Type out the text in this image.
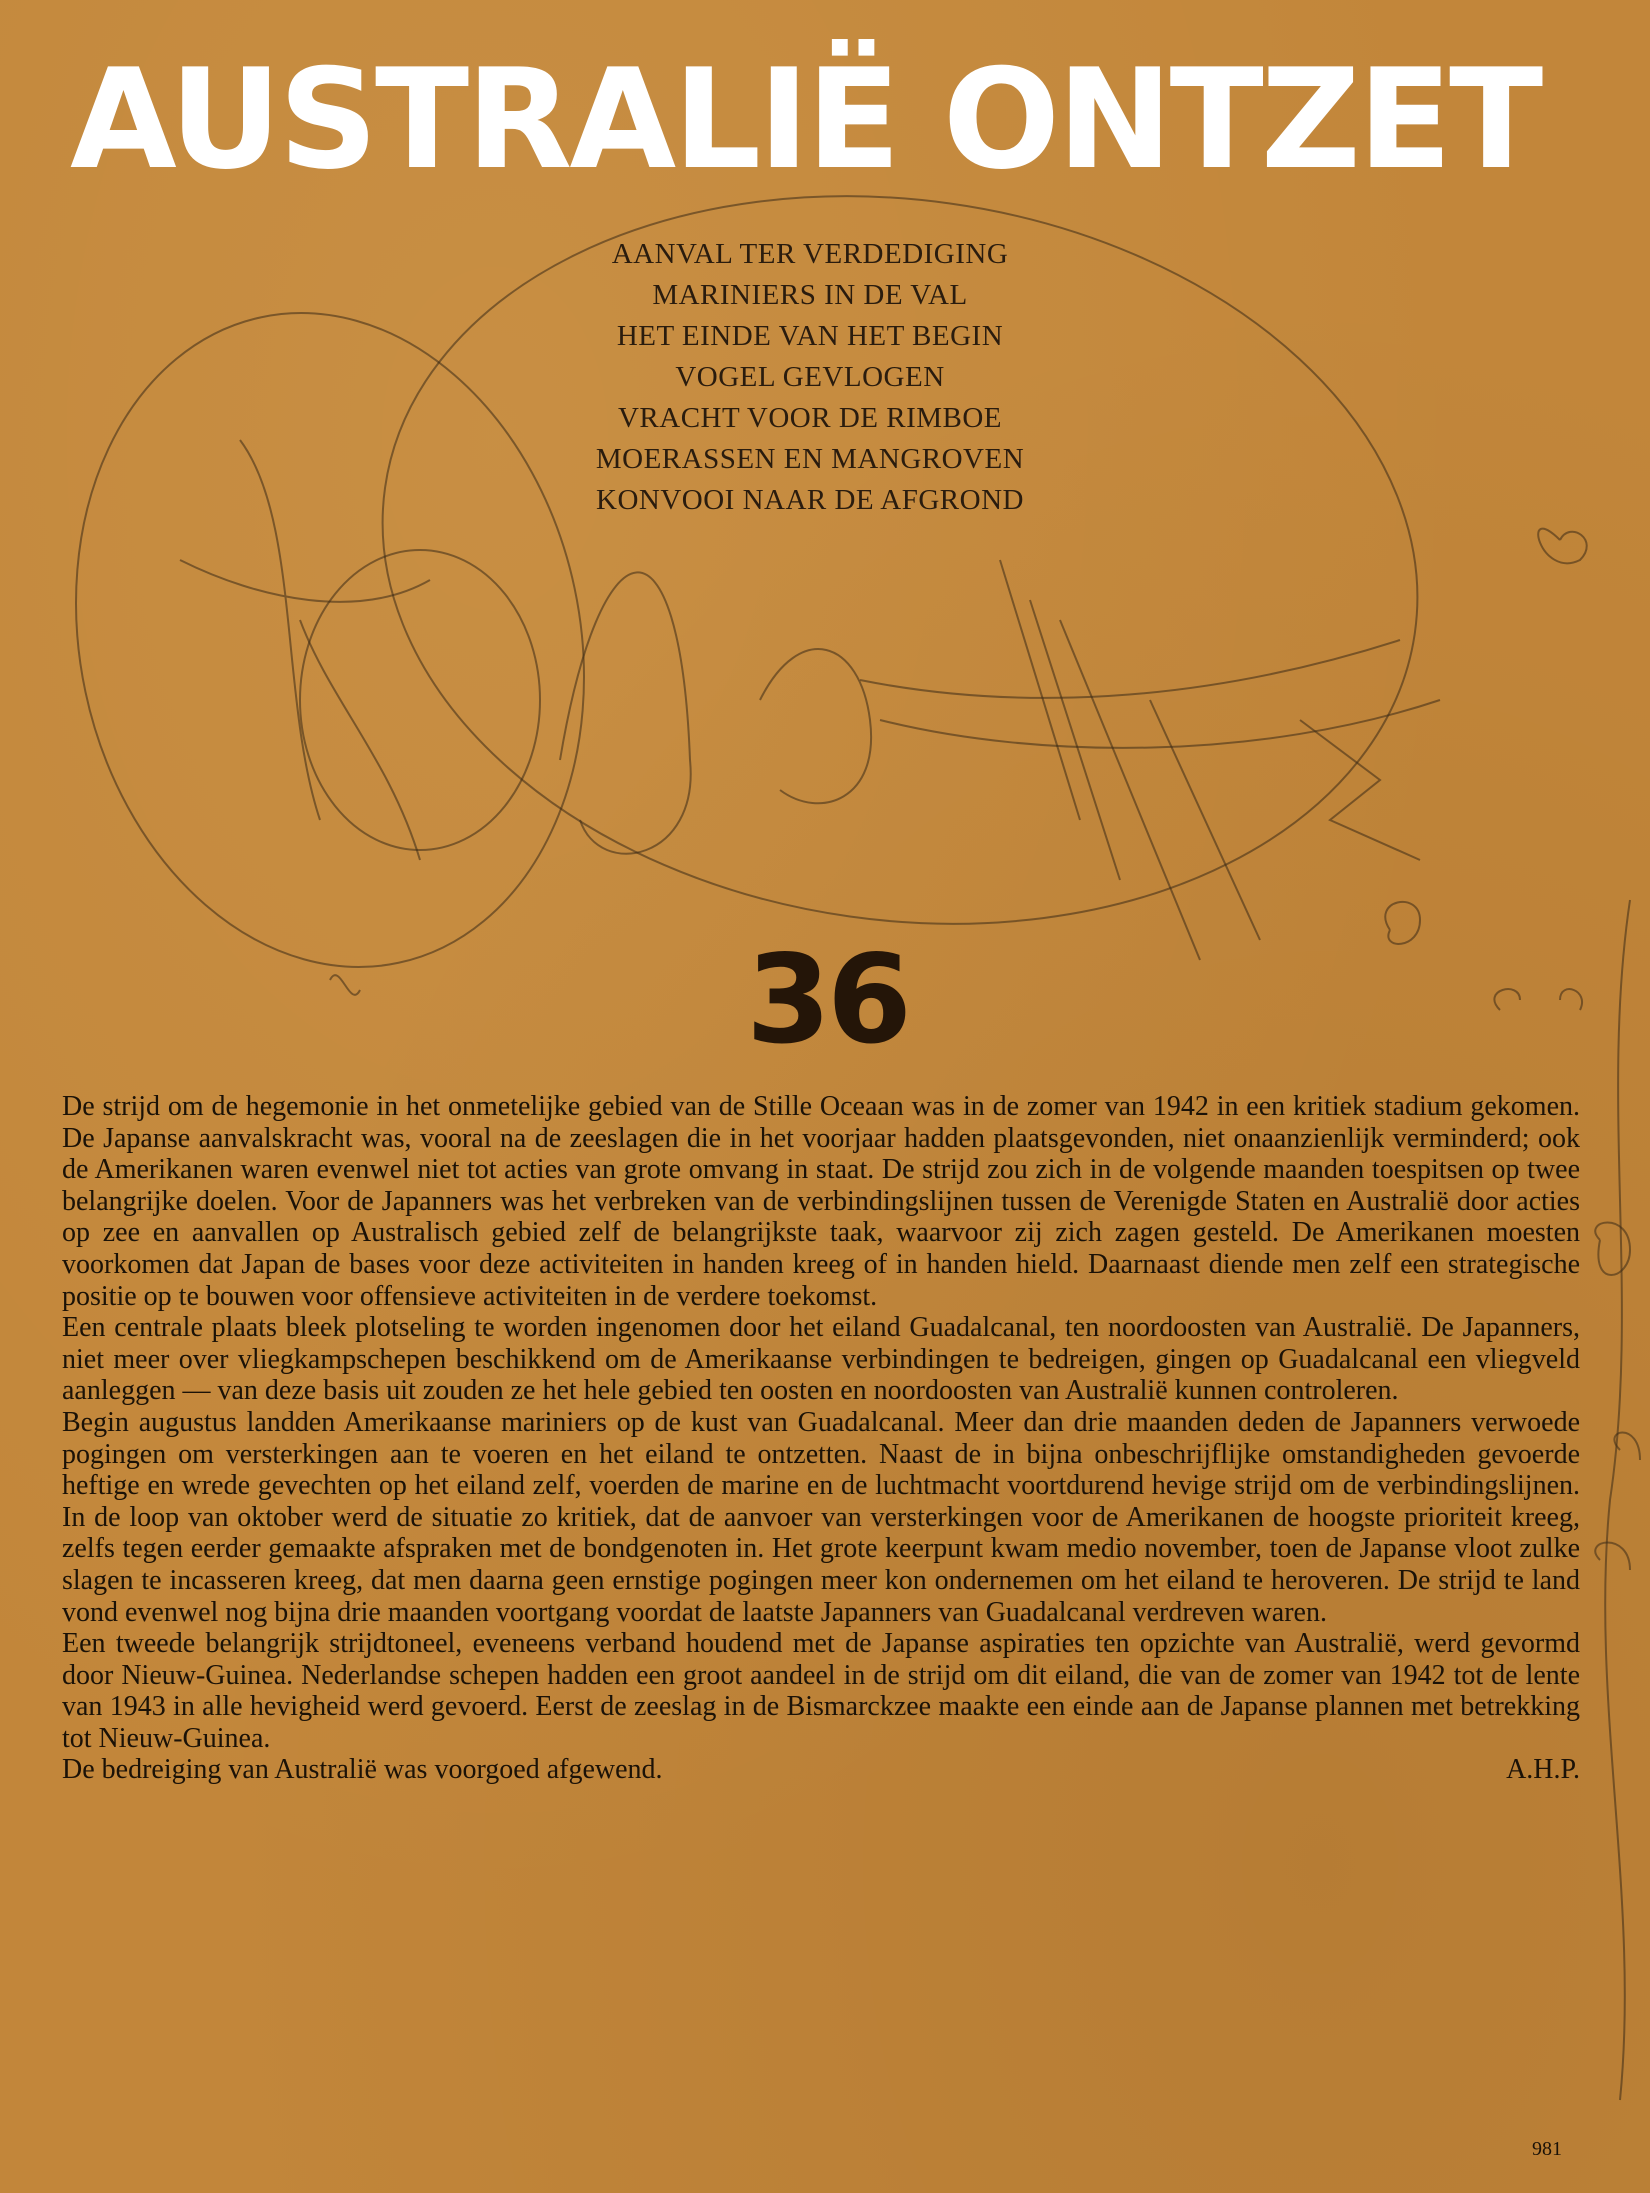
AUSTRALIË ONTZET
AANVAL TER VERDEDIGING
MARINIERS IN DE VAL
HET EINDE VAN HET BEGIN
VOGEL GEVLOGEN
VRACHT VOOR DE RIMBOE
MOERASSEN EN MANGROVEN
KONVOOI NAAR DE AFGROND
36

De strijd om de hegemonie in het onmetelijke gebied van de Stille Oceaan was in de zomer van 1942 in een kritiek stadium gekomen. De Japanse aanvalskracht was, vooral na de zeeslagen die in het voorjaar hadden plaatsgevonden, niet onaanzienlijk verminderd; ook de Amerikanen waren evenwel niet tot acties van grote omvang in staat. De strijd zou zich in de volgende maanden toespitsen op twee belangrijke doelen. Voor de Japanners was het verbreken van de verbindingslijnen tussen de Verenigde Staten en Australië door acties op zee en aanvallen op Australisch gebied zelf de belangrijkste taak, waarvoor zij zich zagen gesteld. De Amerikanen moesten voorkomen dat Japan de bases voor deze activiteiten in handen kreeg of in handen hield. Daarnaast diende men zelf een strategische positie op te bouwen voor offensieve activiteiten in de verdere toekomst.

Een centrale plaats bleek plotseling te worden ingenomen door het eiland Guadalcanal, ten noordoosten van Australië. De Japanners, niet meer over vliegkampschepen beschikkend om de Amerikaanse verbindingen te bedreigen, gingen op Guadalcanal een vliegveld aanleggen — van deze basis uit zouden ze het hele gebied ten oosten en noordoosten van Australië kunnen controleren.

Begin augustus landden Amerikaanse mariniers op de kust van Guadalcanal. Meer dan drie maanden deden de Japanners verwoede pogingen om versterkingen aan te voeren en het eiland te ontzetten. Naast de in bijna onbeschrijflijke omstandigheden gevoerde heftige en wrede gevechten op het eiland zelf, voerden de marine en de luchtmacht voortdurend hevige strijd om de verbindingslijnen. In de loop van oktober werd de situatie zo kritiek, dat de aanvoer van versterkingen voor de Amerikanen de hoogste prioriteit kreeg, zelfs tegen eerder gemaakte afspraken met de bondgenoten in. Het grote keerpunt kwam medio november, toen de Japanse vloot zulke slagen te incasseren kreeg, dat men daarna geen ernstige pogingen meer kon ondernemen om het eiland te heroveren. De strijd te land vond evenwel nog bijna drie maanden voortgang voordat de laatste Japanners van Guadalcanal verdreven waren.

Een tweede belangrijk strijdtoneel, eveneens verband houdend met de Japanse aspiraties ten opzichte van Australië, werd gevormd door Nieuw-Guinea. Nederlandse schepen hadden een groot aandeel in de strijd om dit eiland, die van de zomer van 1942 tot de lente van 1943 in alle hevigheid werd gevoerd. Eerst de zeeslag in de Bismarckzee maakte een einde aan de Japanse plannen met betrekking tot Nieuw-Guinea.

De bedreiging van Australië was voorgoed afgewend.	A.H.P.
981
